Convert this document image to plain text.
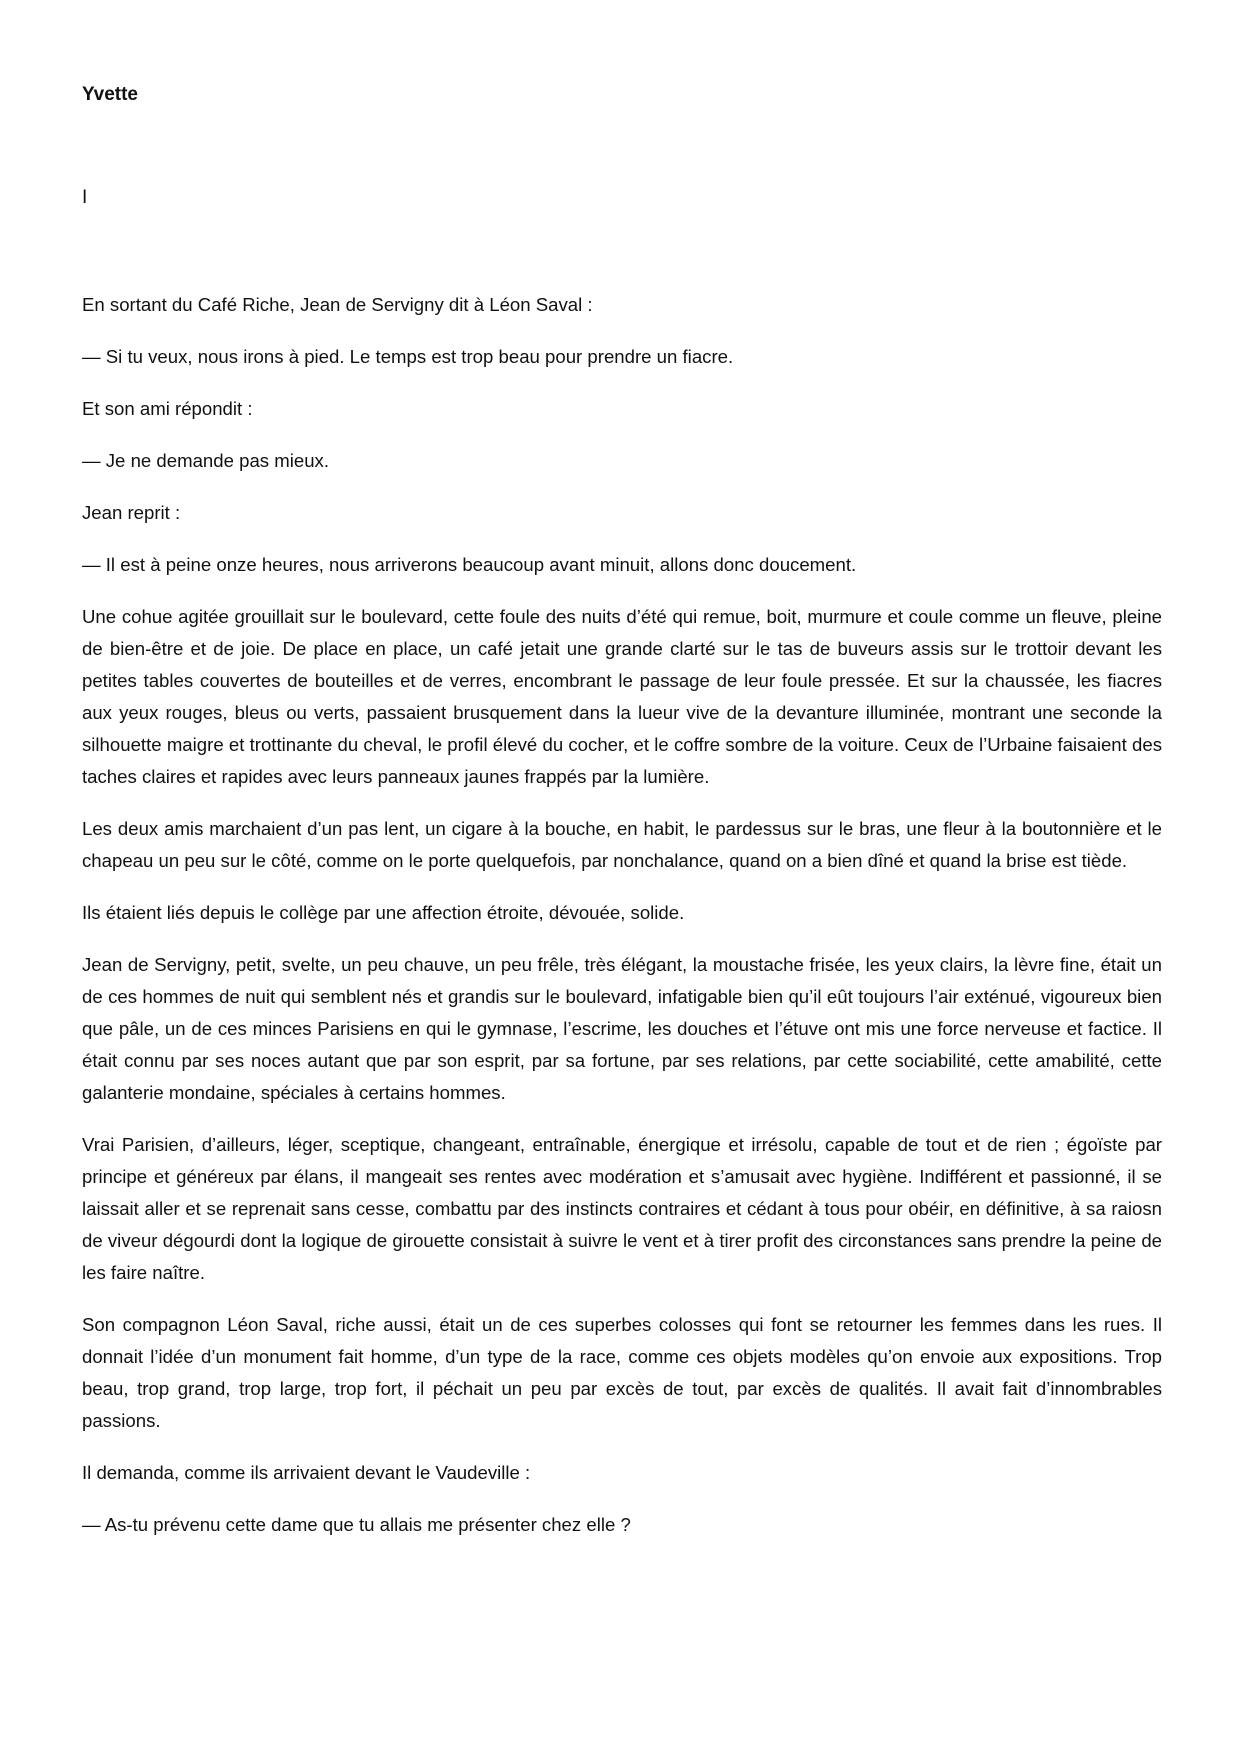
Yvette

I

En sortant du Café Riche, Jean de Servigny dit à Léon Saval :

— Si tu veux, nous irons à pied. Le temps est trop beau pour prendre un fiacre.

Et son ami répondit :

— Je ne demande pas mieux.

Jean reprit :

— Il est à peine onze heures, nous arriverons beaucoup avant minuit, allons donc doucement.

Une cohue agitée grouillait sur le boulevard, cette foule des nuits d’été qui remue, boit, murmure et coule comme un fleuve, pleine de bien-être et de joie. De place en place, un café jetait une grande clarté sur le tas de buveurs assis sur le trottoir devant les petites tables couvertes de bouteilles et de verres, encombrant le passage de leur foule pressée. Et sur la chaussée, les fiacres aux yeux rouges, bleus ou verts, passaient brusquement dans la lueur vive de la devanture illuminée, montrant une seconde la silhouette maigre et trottinante du cheval, le profil élevé du cocher, et le coffre sombre de la voiture. Ceux de l’Urbaine faisaient des taches claires et rapides avec leurs panneaux jaunes frappés par la lumière.

Les deux amis marchaient d’un pas lent, un cigare à la bouche, en habit, le pardessus sur le bras, une fleur à la boutonnière et le chapeau un peu sur le côté, comme on le porte quelquefois, par nonchalance, quand on a bien dîné et quand la brise est tiède.

Ils étaient liés depuis le collège par une affection étroite, dévouée, solide.

Jean de Servigny, petit, svelte, un peu chauve, un peu frêle, très élégant, la moustache frisée, les yeux clairs, la lèvre fine, était un de ces hommes de nuit qui semblent nés et grandis sur le boulevard, infatigable bien qu’il eût toujours l’air exténué, vigoureux bien que pâle, un de ces minces Parisiens en qui le gymnase, l’escrime, les douches et l’étuve ont mis une force nerveuse et factice. Il était connu par ses noces autant que par son esprit, par sa fortune, par ses relations, par cette sociabilité, cette amabilité, cette galanterie mondaine, spéciales à certains hommes.

Vrai Parisien, d’ailleurs, léger, sceptique, changeant, entraînable, énergique et irrésolu, capable de tout et de rien ; égoïste par principe et généreux par élans, il mangeait ses rentes avec modération et s’amusait avec hygiène. Indifférent et passionné, il se laissait aller et se reprenait sans cesse, combattu par des instincts contraires et cédant à tous pour obéir, en définitive, à sa raiosn de viveur dégourdi dont la logique de girouette consistait à suivre le vent et à tirer profit des circonstances sans prendre la peine de les faire naître.

Son compagnon Léon Saval, riche aussi, était un de ces superbes colosses qui font se retourner les femmes dans les rues. Il donnait l’idée d’un monument fait homme, d’un type de la race, comme ces objets modèles qu’on envoie aux expositions. Trop beau, trop grand, trop large, trop fort, il péchait un peu par excès de tout, par excès de qualités. Il avait fait d’innombrables passions.

Il demanda, comme ils arrivaient devant le Vaudeville :

— As-tu prévenu cette dame que tu allais me présenter chez elle ?
